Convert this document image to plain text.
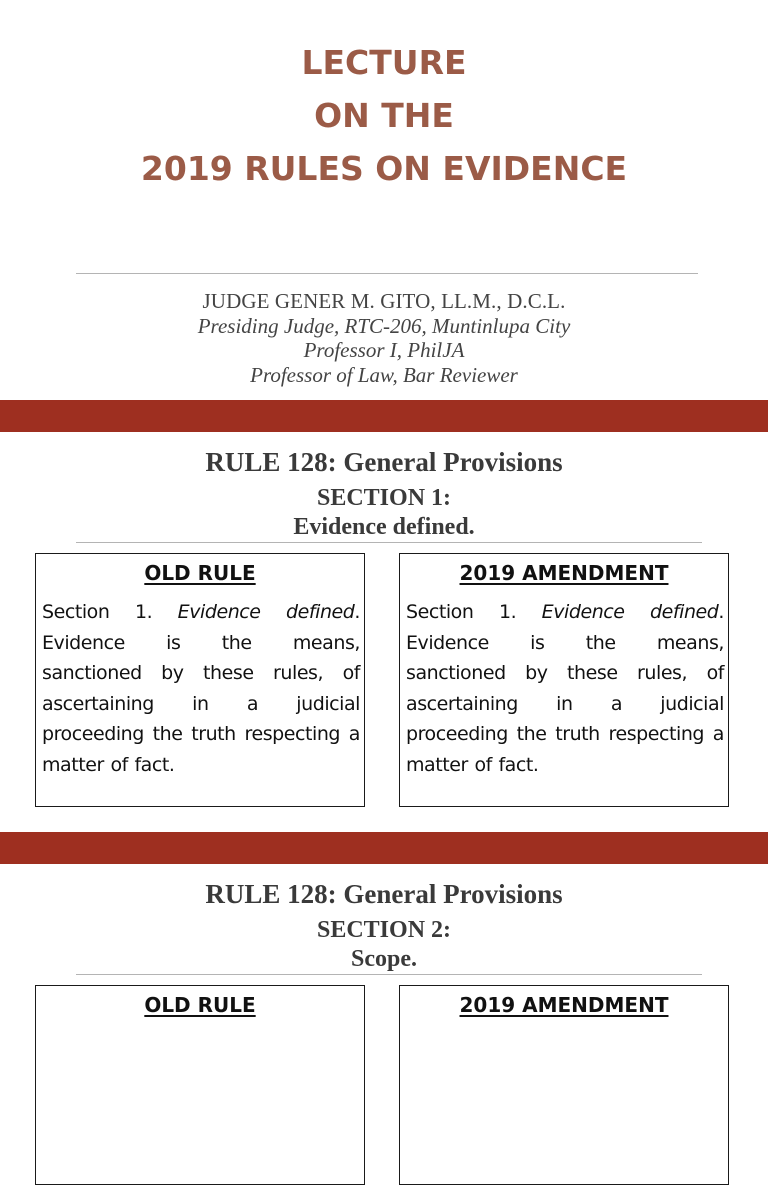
LECTURE
ON THE
2019 RULES ON EVIDENCE
JUDGE GENER M. GITO, LL.M., D.C.L.
Presiding Judge, RTC-206, Muntinlupa City
Professor I, PhilJA
Professor of Law, Bar Reviewer
RULE 128: General Provisions
SECTION 1:
Evidence defined.
OLD RULE
Section 1. Evidence defined. Evidence is the means, sanctioned by these rules, of ascertaining in a judicial proceeding the truth respecting a matter of fact.
2019 AMENDMENT
Section 1. Evidence defined. Evidence is the means, sanctioned by these rules, of ascertaining in a judicial proceeding the truth respecting a matter of fact.
RULE 128: General Provisions
SECTION 2:
Scope.
OLD RULE	2019 AMENDMENT
